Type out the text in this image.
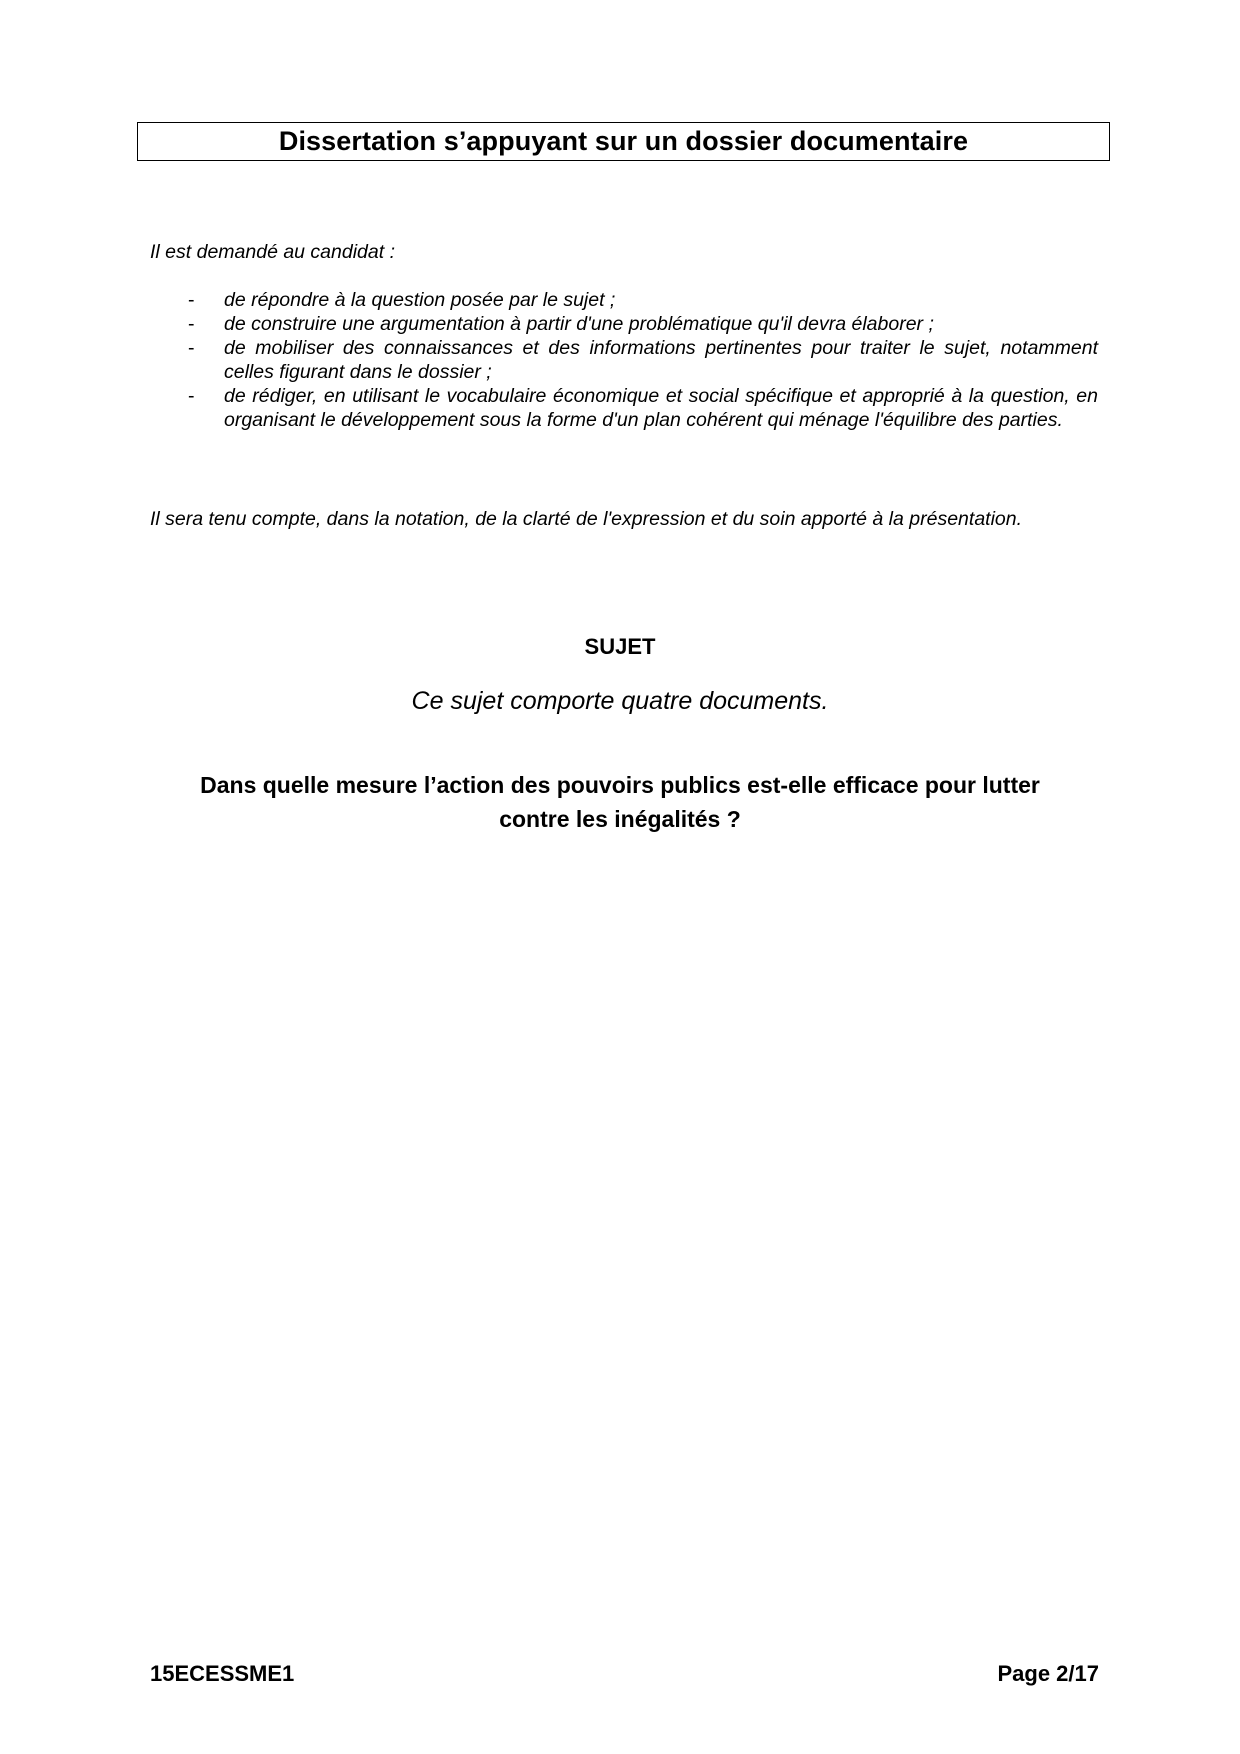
Dissertation s’appuyant sur un dossier documentaire

Il est demandé au candidat :

- de répondre à la question posée par le sujet ;
- de construire une argumentation à partir d'une problématique qu'il devra élaborer ;
- de mobiliser des connaissances et des informations pertinentes pour traiter le sujet, notamment celles figurant dans le dossier ;
- de rédiger, en utilisant le vocabulaire économique et social spécifique et approprié à la question, en organisant le développement sous la forme d'un plan cohérent qui ménage l'équilibre des parties.

Il sera tenu compte, dans la notation, de la clarté de l'expression et du soin apporté à la présentation.

SUJET

Ce sujet comporte quatre documents.

Dans quelle mesure l’action des pouvoirs publics est-elle efficace pour lutter
contre les inégalités ?

15ECESSME1	Page 2/17
